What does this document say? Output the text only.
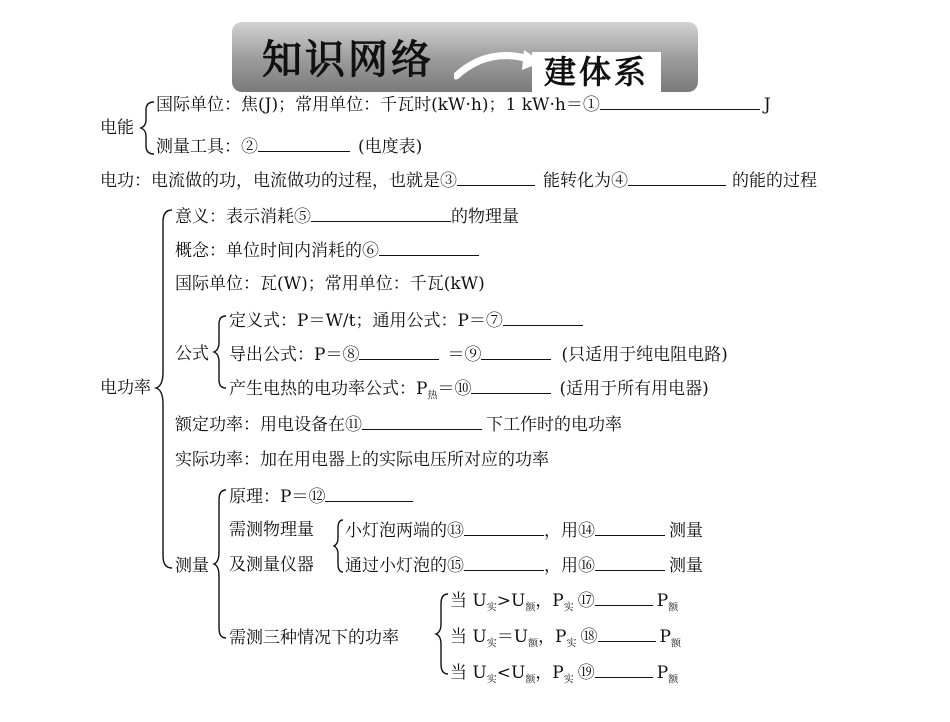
知识网络	建体系
电能
国际单位：焦(J)；常用单位：千瓦时(kW·h)；1 kW·h＝①	J
测量工具：②	(电度表)
电功：电流做的功，电流做功的过程，也就是③	能转化为④	的能的过程
电功率
意义：表示消耗⑤	的物理量
概念：单位时间内消耗的⑥
国际单位：瓦(W)；常用单位：千瓦(kW)
公式
定义式：P＝W/t；通用公式：P＝⑦
导出公式：P＝⑧	＝⑨	(只适用于纯电阻电路)
产生电热的电功率公式：$P_热=⑩$	(适用于所有用电器)
额定功率：用电设备在⑪	下工作时的电功率
实际功率：加在用电器上的实际电压所对应的功率
测量
原理：P＝⑫
需测物理量
及测量仪器
小灯泡两端的⑬	，用⑭	测量
通过小灯泡的⑮	，用⑯	测量
需测三种情况下的功率
当 $U_实>U_额$，$P_实$ ⑰	$P_额$
当 $U_实=U_额$，$P_实$ ⑱	$P_额$
当 $U_实<U_额$，$P_实$ ⑲	$P_额$
